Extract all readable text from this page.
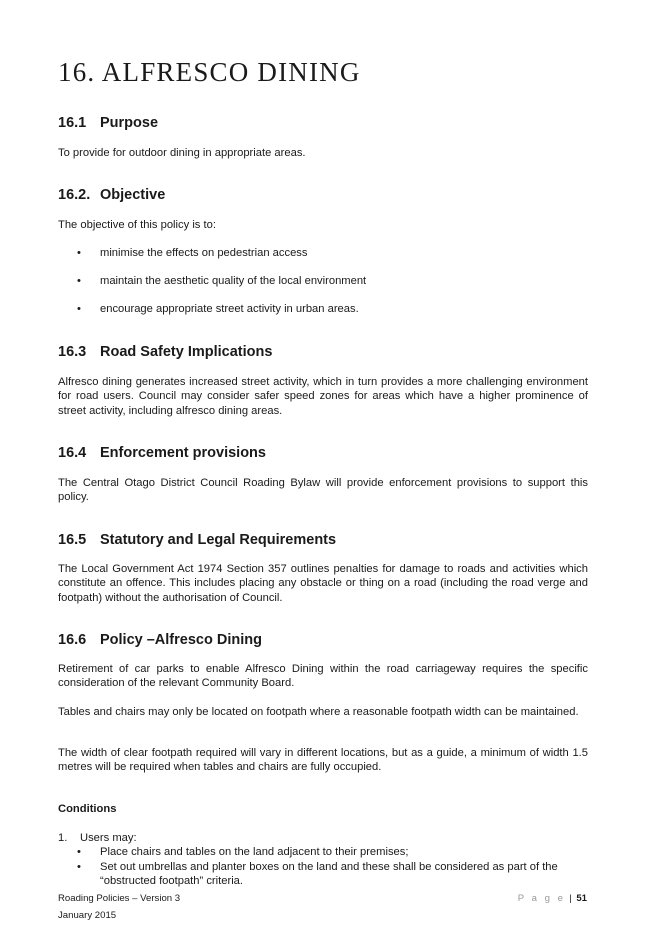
16. ALFRESCO DINING
16.1 Purpose

To provide for outdoor dining in appropriate areas.

16.2. Objective

The objective of this policy is to:

• minimise the effects on pedestrian access
• maintain the aesthetic quality of the local environment
• encourage appropriate street activity in urban areas.
16.3 Road Safety Implications

Alfresco dining generates increased street activity, which in turn provides a more challenging environment for road users. Council may consider safer speed zones for areas which have a higher prominence of street activity, including alfresco dining areas.

16.4 Enforcement provisions

The Central Otago District Council Roading Bylaw will provide enforcement provisions to support this policy.

16.5 Statutory and Legal Requirements

The Local Government Act 1974 Section 357 outlines penalties for damage to roads and activities which constitute an offence. This includes placing any obstacle or thing on a road (including the road verge and footpath) without the authorisation of Council.

16.6 Policy –Alfresco Dining

Retirement of car parks to enable Alfresco Dining within the road carriageway requires the specific consideration of the relevant Community Board.

Tables and chairs may only be located on footpath where a reasonable footpath width can be maintained.

The width of clear footpath required will vary in different locations, but as a guide, a minimum of width 1.5 metres will be required when tables and chairs are fully occupied.

Conditions

1. Users may:
• Place chairs and tables on the land adjacent to their premises;
• Set out umbrellas and planter boxes on the land and these shall be considered as part of the “obstructed footpath” criteria.
Roading Policies – Version 3
January 2015
P a g e | 51
